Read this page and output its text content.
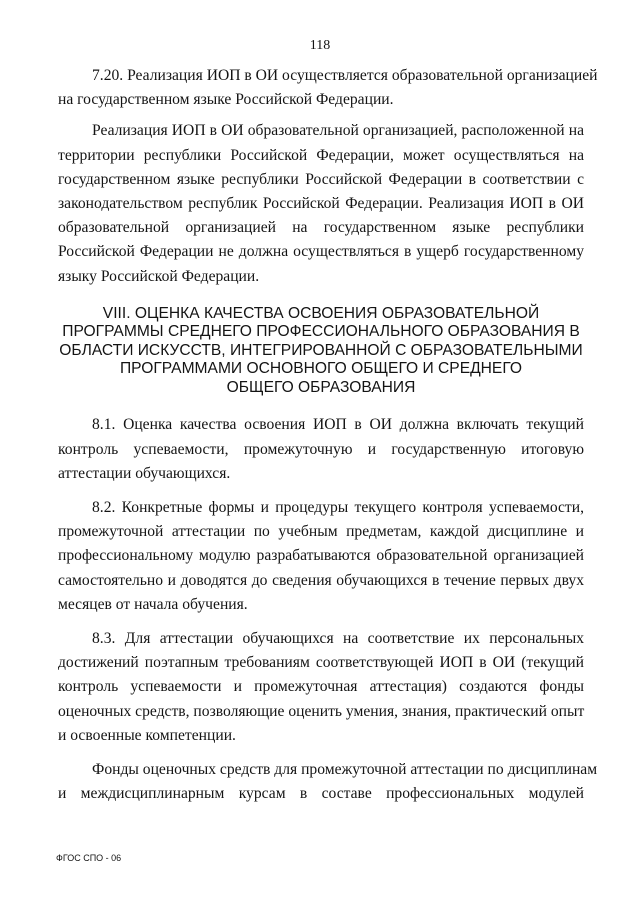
118

7.20. Реализация ИОП в ОИ осуществляется образовательной организацией
на государственном языке Российской Федерации.

Реализация ИОП в ОИ образовательной организацией, расположенной на
территории республики Российской Федерации, может осуществляться на
государственном языке республики Российской Федерации в соответствии с
законодательством республик Российской Федерации. Реализация ИОП в ОИ
образовательной организацией на государственном языке республики
Российской Федерации не должна осуществляться в ущерб государственному
языку Российской Федерации.

VIII. ОЦЕНКА КАЧЕСТВА ОСВОЕНИЯ ОБРАЗОВАТЕЛЬНОЙ
ПРОГРАММЫ СРЕДНЕГО ПРОФЕССИОНАЛЬНОГО ОБРАЗОВАНИЯ В
ОБЛАСТИ ИСКУССТВ, ИНТЕГРИРОВАННОЙ С ОБРАЗОВАТЕЛЬНЫМИ
ПРОГРАММАМИ ОСНОВНОГО ОБЩЕГО И СРЕДНЕГО
ОБЩЕГО ОБРАЗОВАНИЯ

8.1. Оценка качества освоения ИОП в ОИ должна включать текущий
контроль успеваемости, промежуточную и государственную итоговую
аттестации обучающихся.

8.2. Конкретные формы и процедуры текущего контроля успеваемости,
промежуточной аттестации по учебным предметам, каждой дисциплине и
профессиональному модулю разрабатываются образовательной организацией
самостоятельно и доводятся до сведения обучающихся в течение первых двух
месяцев от начала обучения.

8.3. Для аттестации обучающихся на соответствие их персональных
достижений поэтапным требованиям соответствующей ИОП в ОИ (текущий
контроль успеваемости и промежуточная аттестация) создаются фонды
оценочных средств, позволяющие оценить умения, знания, практический опыт
и освоенные компетенции.

Фонды оценочных средств для промежуточной аттестации по дисциплинам
и междисциплинарным курсам в составе профессиональных модулей

ФГОС СПО - 06
